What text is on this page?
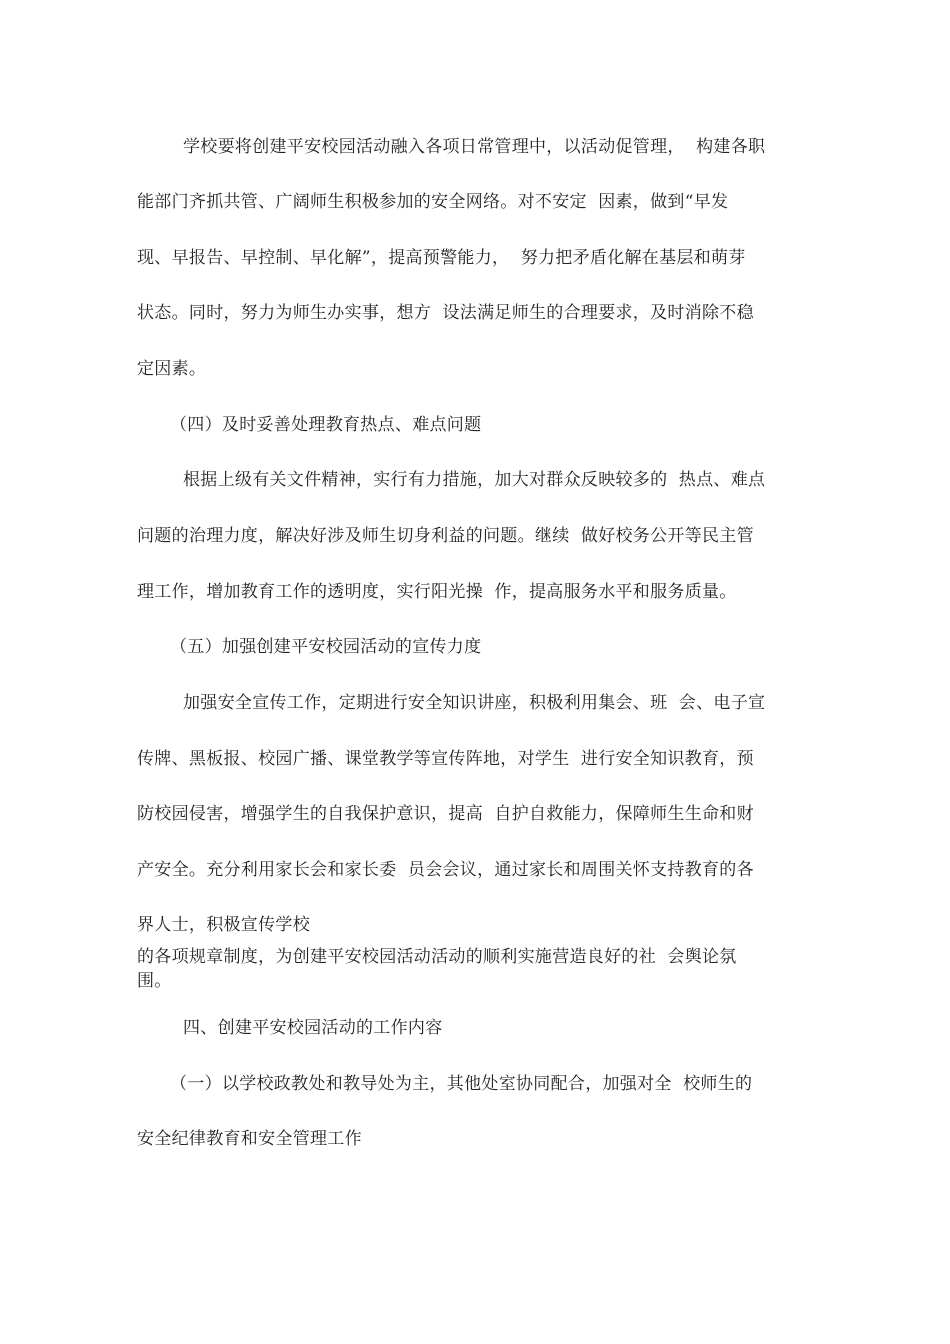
学校要将创建平安校园活动融入各项日常管理中，以活动促管理，  构建各职
能部门齐抓共管、广阔师生积极参加的安全网络。对不安定  因素，做到“早发
现、早报告、早控制、早化解”，提高预警能力，  努力把矛盾化解在基层和萌芽
状态。同时，努力为师生办实事，想方  设法满足师生的合理要求，及时消除不稳
定因素。
（四）及时妥善处理教育热点、难点问题
根据上级有关文件精神，实行有力措施，加大对群众反映较多的  热点、难点
问题的治理力度，解决好涉及师生切身利益的问题。继续  做好校务公开等民主管
理工作，增加教育工作的透明度，实行阳光操  作，提高服务水平和服务质量。
（五）加强创建平安校园活动的宣传力度
加强安全宣传工作，定期进行安全知识讲座，积极利用集会、班  会、电子宣
传牌、黑板报、校园广播、课堂教学等宣传阵地，对学生  进行安全知识教育，预
防校园侵害，增强学生的自我保护意识，提高  自护自救能力，保障师生生命和财
产安全。充分利用家长会和家长委  员会会议，通过家长和周围关怀支持教育的各
界人士，积极宣传学校
的各项规章制度，为创建平安校园活动活动的顺利实施营造良好的社  会舆论氛
围。
四、创建平安校园活动的工作内容
（一）以学校政教处和教导处为主，其他处室协同配合，加强对全  校师生的
安全纪律教育和安全管理工作
